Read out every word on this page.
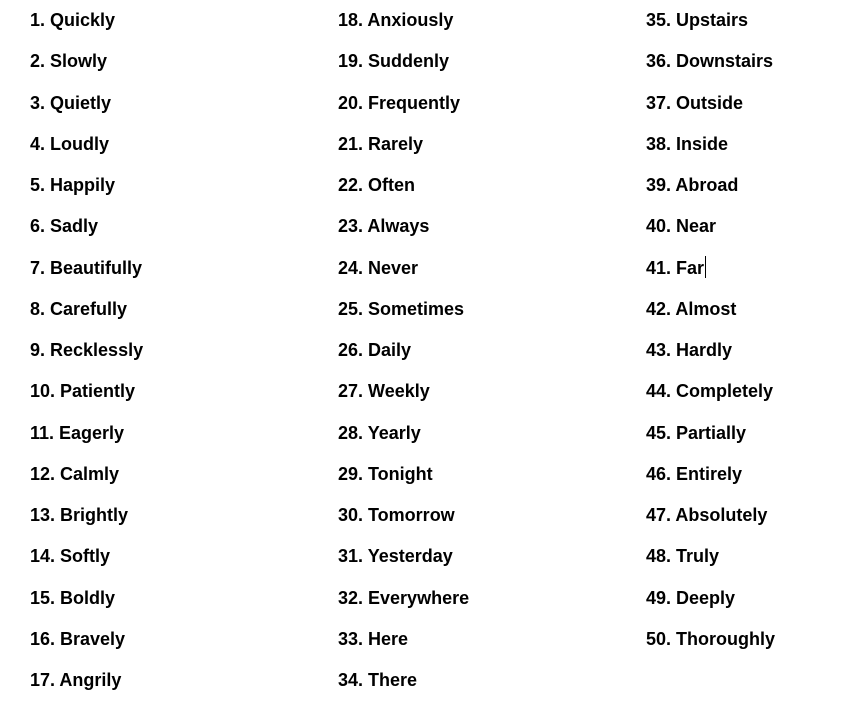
1. Quickly
2. Slowly
3. Quietly
4. Loudly
5. Happily
6. Sadly
7. Beautifully
8. Carefully
9. Recklessly
10. Patiently
11. Eagerly
12. Calmly
13. Brightly
14. Softly
15. Boldly
16. Bravely
17. Angrily
18. Anxiously
19. Suddenly
20. Frequently
21. Rarely
22. Often
23. Always
24. Never
25. Sometimes
26. Daily
27. Weekly
28. Yearly
29. Tonight
30. Tomorrow
31. Yesterday
32. Everywhere
33. Here
34. There
35. Upstairs
36. Downstairs
37. Outside
38. Inside
39. Abroad
40. Near
41. Far
42. Almost
43. Hardly
44. Completely
45. Partially
46. Entirely
47. Absolutely
48. Truly
49. Deeply
50. Thoroughly
